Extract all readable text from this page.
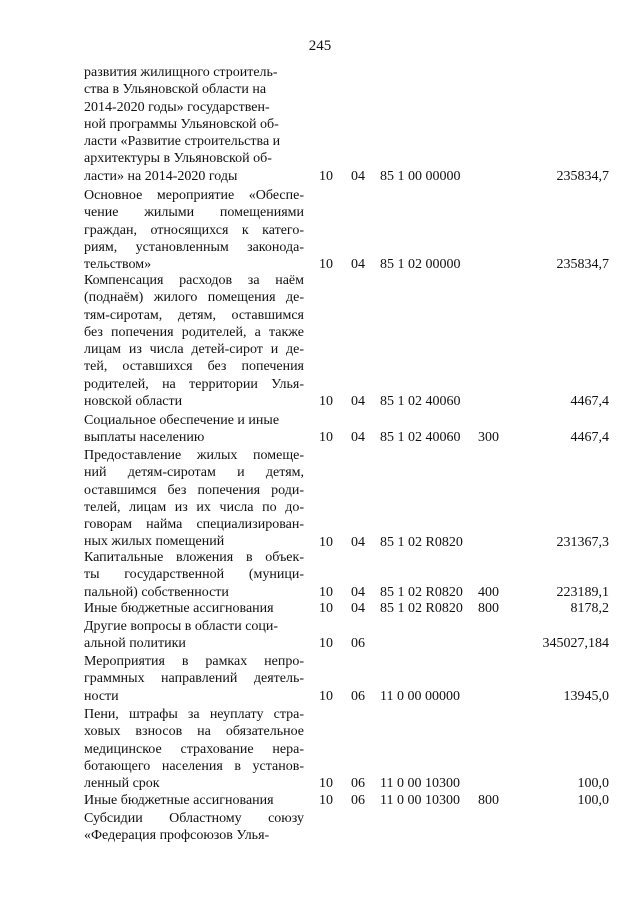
245
развития жилищного строитель-
ства в Ульяновской области на
2014-2020 годы» государствен-
ной программы Ульяновской об-
ласти «Развитие строительства и
архитектуры в Ульяновской об-
ласти» на 2014-2020 годы	10 04 85 1 00 00000	235834,7
Основное мероприятие «Обеспе-
чение жилыми помещениями
граждан, относящихся к катего-
риям, установленным законода-
тельством»	10 04 85 1 02 00000	235834,7
Компенсация расходов за наём
(поднаём) жилого помещения де-
тям-сиротам, детям, оставшимся
без попечения родителей, а также
лицам из числа детей-сирот и де-
тей, оставшихся без попечения
родителей, на территории Улья-
новской области	10 04 85 1 02 40060	4467,4
Социальное обеспечение и иные
выплаты населению	10 04 85 1 02 40060 300	4467,4
Предоставление жилых помеще-
ний детям-сиротам и детям,
оставшимся без попечения роди-
телей, лицам из их числа по до-
говорам найма специализирован-
ных жилых помещений	10 04 85 1 02 R0820	231367,3
Капитальные вложения в объек-
ты государственной (муници-
пальной) собственности	10 04 85 1 02 R0820 400	223189,1
Иные бюджетные ассигнования	10 04 85 1 02 R0820 800	8178,2
Другие вопросы в области соци-
альной политики	10 06	345027,184
Мероприятия в рамках непро-
граммных направлений деятель-
ности	10 06 11 0 00 00000	13945,0
Пени, штрафы за неуплату стра-
ховых взносов на обязательное
медицинское страхование нера-
ботающего населения в установ-
ленный срок	10 06 11 0 00 10300	100,0
Иные бюджетные ассигнования	10 06 11 0 00 10300 800	100,0
Субсидии Областному союзу
«Федерация профсоюзов Улья-
